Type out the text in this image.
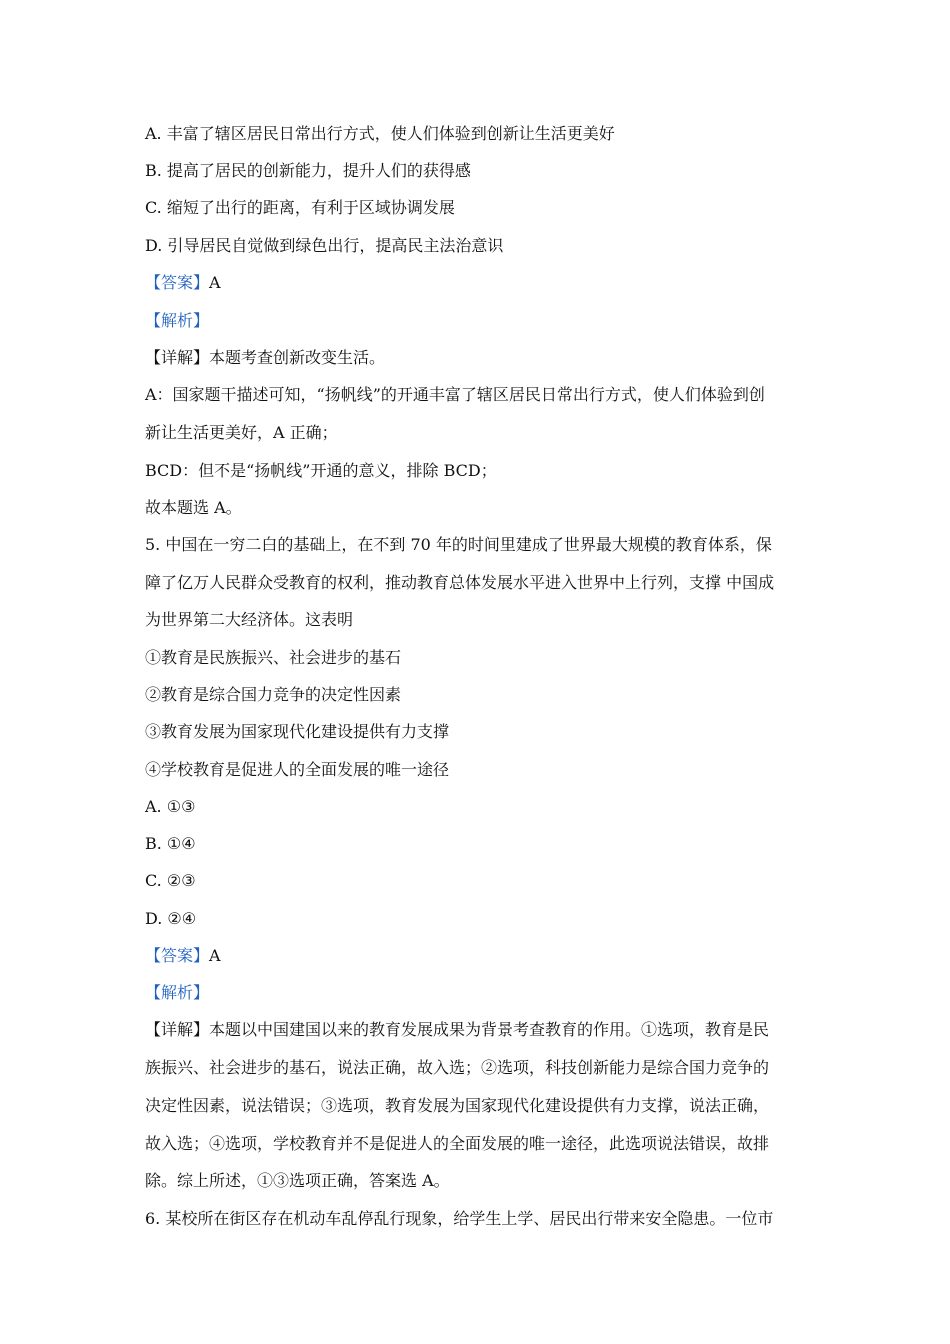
A. 丰富了辖区居民日常出行方式，使人们体验到创新让生活更美好
B. 提高了居民的创新能力，提升人们的获得感
C. 缩短了出行的距离，有利于区域协调发展
D. 引导居民自觉做到绿色出行，提高民主法治意识
【答案】A
【解析】
【详解】本题考查创新改变生活。
A：国家题干描述可知，“扬帆线”的开通丰富了辖区居民日常出行方式，使人们体验到创
新让生活更美好，A 正确；
BCD：但不是“扬帆线”开通的意义，排除 BCD；
故本题选 A。
5. 中国在一穷二白的基础上，在不到 70 年的时间里建成了世界最大规模的教育体系，保
障了亿万人民群众受教育的权利，推动教育总体发展水平进入世界中上行列，支撑 中国成
为世界第二大经济体。这表明
①教育是民族振兴、社会进步的基石
②教育是综合国力竞争的决定性因素
③教育发展为国家现代化建设提供有力支撑
④学校教育是促进人的全面发展的唯一途径
A. ①③
B. ①④
C. ②③
D. ②④
【答案】A
【解析】
【详解】本题以中国建国以来的教育发展成果为背景考查教育的作用。①选项，教育是民
族振兴、社会进步的基石，说法正确，故入选；②选项，科技创新能力是综合国力竞争的
决定性因素，说法错误；③选项，教育发展为国家现代化建设提供有力支撑，说法正确，
故入选；④选项，学校教育并不是促进人的全面发展的唯一途径，此选项说法错误，故排
除。综上所述，①③选项正确，答案选 A。
6. 某校所在街区存在机动车乱停乱行现象，给学生上学、居民出行带来安全隐患。一位市
